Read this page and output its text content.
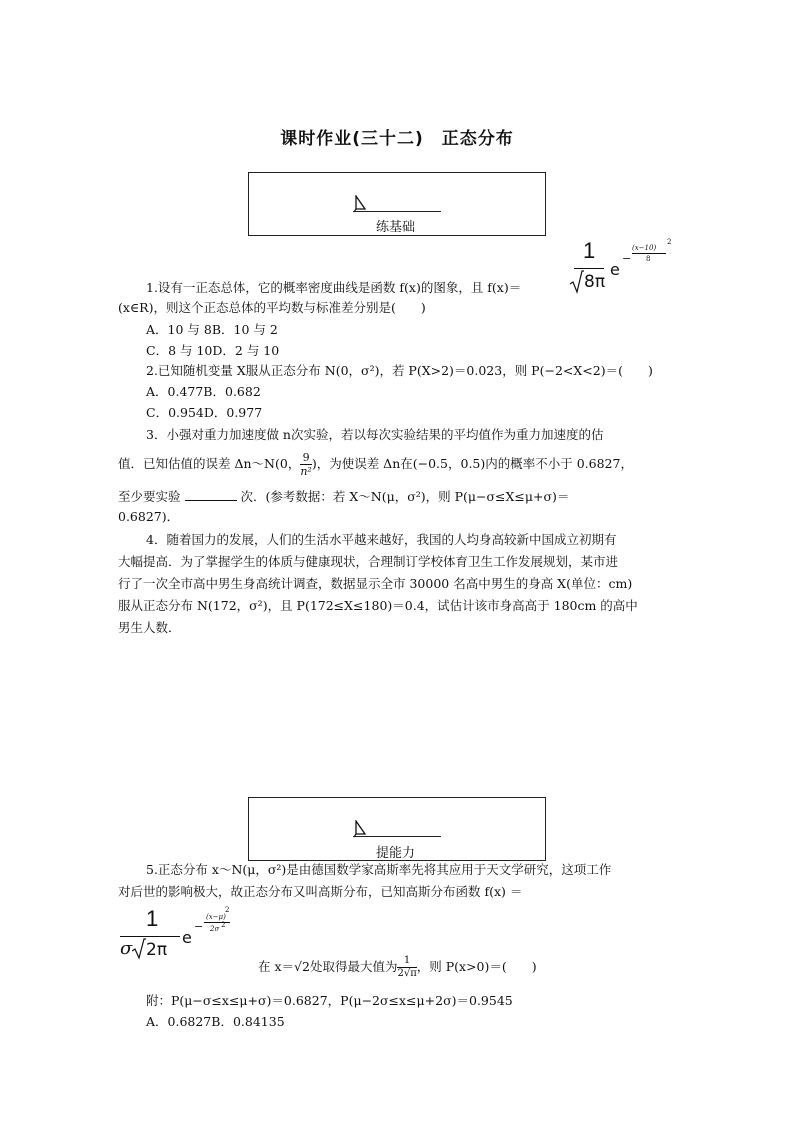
课时作业(三十二)　正态分布
练基础
1
8π
e
−
(x−10)
2
8
1.设有一正态总体，它的概率密度曲线是函数 f(x)的图象，且 f(x)＝
(x∈R)，则这个正态总体的平均数与标准差分别是(　　)
A．10 与 8B．10 与 2
C．8 与 10D．2 与 10
2.已知随机变量 X服从正态分布 N(0，σ²)，若 P(X>2)＝0.023，则 P(−2<X<2)＝(　　)
A．0.477B．0.682
C．0.954D．0.977
3．小强对重力加速度做 n次实验，若以每次实验结果的平均值作为重力加速度的估
值．已知估值的误差 Δn～N(0， $\frac{9}{\text{n²}}$ )，为使误差 Δn在(−0.5，0.5)内的概率不小于 0.6827，
至少要实验	次．(参考数据：若 X～N(μ，σ²)，则 P(μ−σ≤X≤μ+σ)＝
0.6827)．
4．随着国力的发展，人们的生活水平越来越好，我国的人均身高较新中国成立初期有
大幅提高．为了掌握学生的体质与健康现状，合理制订学校体育卫生工作发展规划，某市进
行了一次全市高中男生身高统计调查，数据显示全市 30000 名高中男生的身高 X(单位：cm)
服从正态分布 N(172，σ²)，且 P(172≤X≤180)＝0.4，试估计该市身高高于 180cm 的高中
男生人数．
提能力
5.正态分布 x～N(μ，σ²)是由德国数学家高斯率先将其应用于天文学研究，这项工作
对后世的影响极大，故正态分布又叫高斯分布，已知高斯分布函数 f(x) ＝
1
σ 2π
e
−
(x−μ)
2
2σ 2
在 x＝√2处取得最大值为 $\frac{1}{2√\pi}$ ，则 P(x>0)＝(　　)
附：P(μ−σ≤x≤μ+σ)＝0.6827，P(μ−2σ≤x≤μ+2σ)＝0.9545
A．0.6827B．0.84135
